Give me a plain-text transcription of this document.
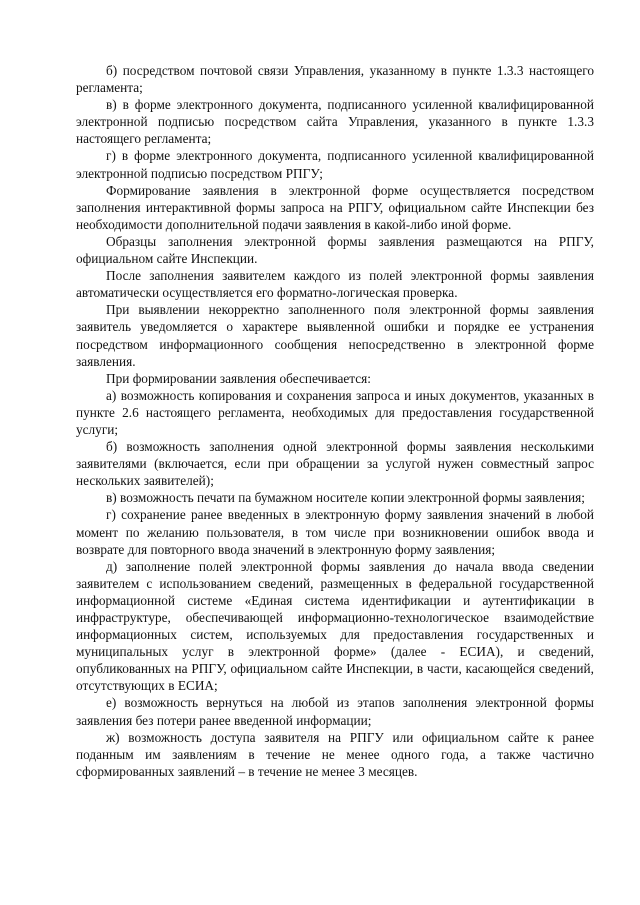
б) посредством почтовой связи Управления, указанному в пункте 1.3.3 настоящего регламента;

в) в форме электронного документа, подписанного усиленной квалифицированной электронной подписью посредством сайта Управления, указанного в пункте 1.3.3 настоящего регламента;

г) в форме электронного документа, подписанного усиленной квалифицированной электронной подписью посредством РПГУ;

Формирование заявления в электронной форме осуществляется посредством заполнения интерактивной формы запроса на РПГУ, официальном сайте Инспекции без необходимости дополнительной подачи заявления в какой-либо иной форме.

Образцы заполнения электронной формы заявления размещаются на РПГУ, официальном сайте Инспекции.

После заполнения заявителем каждого из полей электронной формы заявления автоматически осуществляется его форматно-логическая проверка.

При выявлении некорректно заполненного поля электронной формы заявления заявитель уведомляется о характере выявленной ошибки и порядке ее устранения посредством информационного сообщения непосредственно в электронной форме заявления.

При формировании заявления обеспечивается:

а) возможность копирования и сохранения запроса и иных документов, указанных в пункте 2.6 настоящего регламента, необходимых для предоставления государственной услуги;

б) возможность заполнения одной электронной формы заявления несколькими заявителями (включается, если при обращении за услугой нужен совместный запрос нескольких заявителей);

в) возможность печати па бумажном носителе копии электронной формы заявления;

г) сохранение ранее введенных в электронную форму заявления значений в любой момент по желанию пользователя, в том числе при возникновении ошибок ввода и возврате для повторного ввода значений в электронную форму заявления;

д) заполнение полей электронной формы заявления до начала ввода сведении заявителем с использованием сведений, размещенных в федеральной государственной информационной системе «Единая система идентификации и аутентификации в инфраструктуре, обеспечивающей информационно-технологическое взаимодействие информационных систем, используемых для предоставления государственных и муниципальных услуг в электронной форме» (далее - ЕСИА), и сведений, опубликованных на РПГУ, официальном сайте Инспекции, в части, касающейся сведений, отсутствующих в ЕСИА;

е) возможность вернуться на любой из этапов заполнения электронной формы заявления без потери ранее введенной информации;

ж) возможность доступа заявителя на РПГУ или официальном сайте к ранее поданным им заявлениям в течение не менее одного года, а также частично сформированных заявлений – в течение не менее 3 месяцев.
